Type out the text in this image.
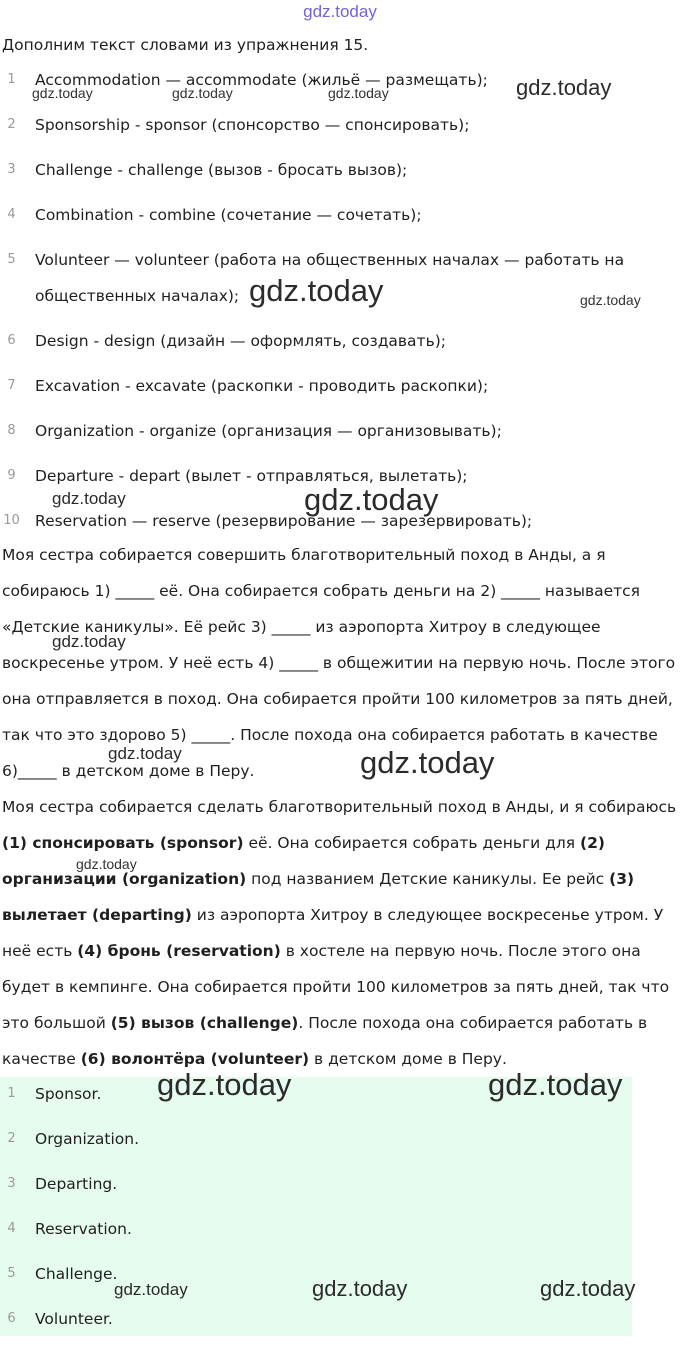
gdz.today
Дополним текст словами из упражнения 15.
1	Accommodation — accommodate (жильё — размещать);
2	Sponsorship - sponsor (спонсорство — спонсировать);
3	Challenge - challenge (вызов - бросать вызов);
4	Combination - combine (сочетание — сочетать);
5	Volunteer — volunteer (работа на общественных началах — работать на общественных началах);
6	Design - design (дизайн — оформлять, создавать);
7	Excavation - excavate (раскопки - проводить раскопки);
8	Organization - organize (организация — организовывать);
9	Departure - depart (вылет - отправляться, вылетать);
10 Reservation — reserve (резервирование — зарезервировать);

Моя сестра собирается совершить благотворительный поход в Анды, а я собираюсь 1) _____ её. Она собирается собрать деньги на 2) _____ называется «Детские каникулы». Её рейс 3) _____ из аэропорта Хитроу в следующее воскресенье утром. У неё есть 4) _____ в общежитии на первую ночь. После этого она отправляется в поход. Она собирается пройти 100 километров за пять дней, так что это здорово 5) _____. После похода она собирается работать в качестве 6)_____ в детском доме в Перу.

Моя сестра собирается сделать благотворительный поход в Анды, и я собираюсь (1) спонсировать (sponsor) её. Она собирается собрать деньги для (2) организации (organization) под названием Детские каникулы. Ее рейс (3) вылетает (departing) из аэропорта Хитроу в следующее воскресенье утром. У неё есть (4) бронь (reservation) в хостеле на первую ночь. После этого она будет в кемпинге. Она собирается пройти 100 километров за пять дней, так что это большой (5) вызов (challenge). После похода она собирается работать в качестве (6) волонтёра (volunteer) в детском доме в Перу.

1	Sponsor.
2	Organization.
3	Departing.
4	Reservation.
5	Challenge.
6	Volunteer.
gdz.today	gdz.today	gdz.today	gdz.today
gdz.today	gdz.today
gdz.today	gdz.today
gdz.today
gdz.today	gdz.today
gdz.today
gdz.today	gdz.today
gdz.today	gdz.today	gdz.today
